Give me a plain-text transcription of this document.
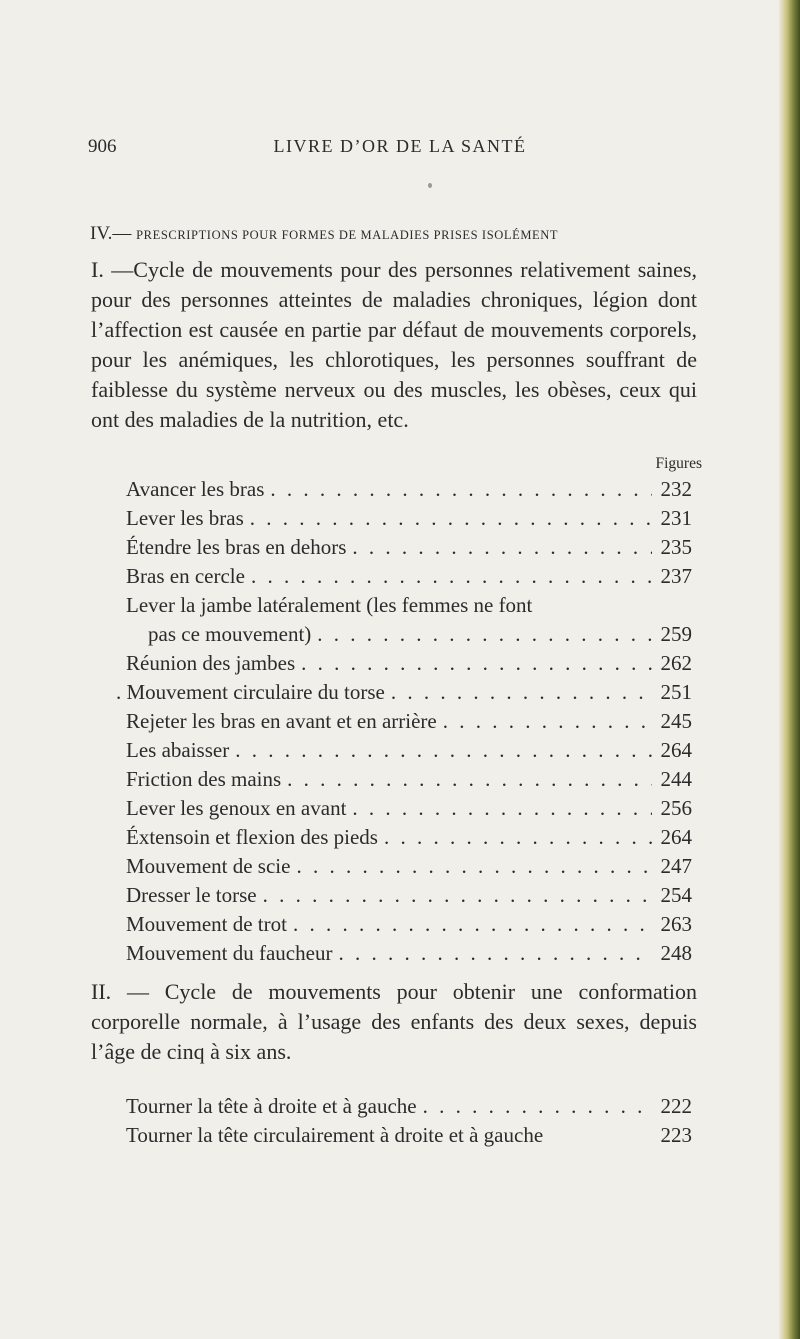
906	LIVRE D’OR DE LA SANTÉ
IV.— PRESCRIPTIONS POUR FORMES DE MALADIES PRISES ISOLÉMENT
I. —Cycle de mouvements pour des personnes relativement saines, pour des personnes atteintes de maladies chroniques, légion dont l’affection est causée en partie par défaut de mouvements corporels, pour les anémiques, les chlorotiques, les personnes souffrant de faiblesse du système nerveux ou des muscles, les obèses, ceux qui ont des maladies de la nutrition, etc.
Figures
Avancer les bras . . .	232
Lever les bras . . .	231
Étendre les bras en dehors . . .	235
Bras en cercle . . .	237
Lever la jambe latéralement (les femmes ne font
pas ce mouvement) . . .	259
Réunion des jambes . . .	262
. Mouvement circulaire du torse . . .	251
Rejeter les bras en avant et en arrière . . .	245
Les abaisser . . .	264
Friction des mains . . .	244
Lever les genoux en avant . . .	256
Éxtensoin et flexion des pieds . . .	264
Mouvement de scie . . .	247
Dresser le torse . . .	254
Mouvement de trot . . .	263
Mouvement du faucheur . . .	248
II. — Cycle de mouvements pour obtenir une conformation corporelle normale, à l’usage des enfants des deux sexes, depuis l’âge de cinq à six ans.
Tourner la tête à droite et à gauche . . .	222
Tourner la tête circulairement à droite et à gauche	223
